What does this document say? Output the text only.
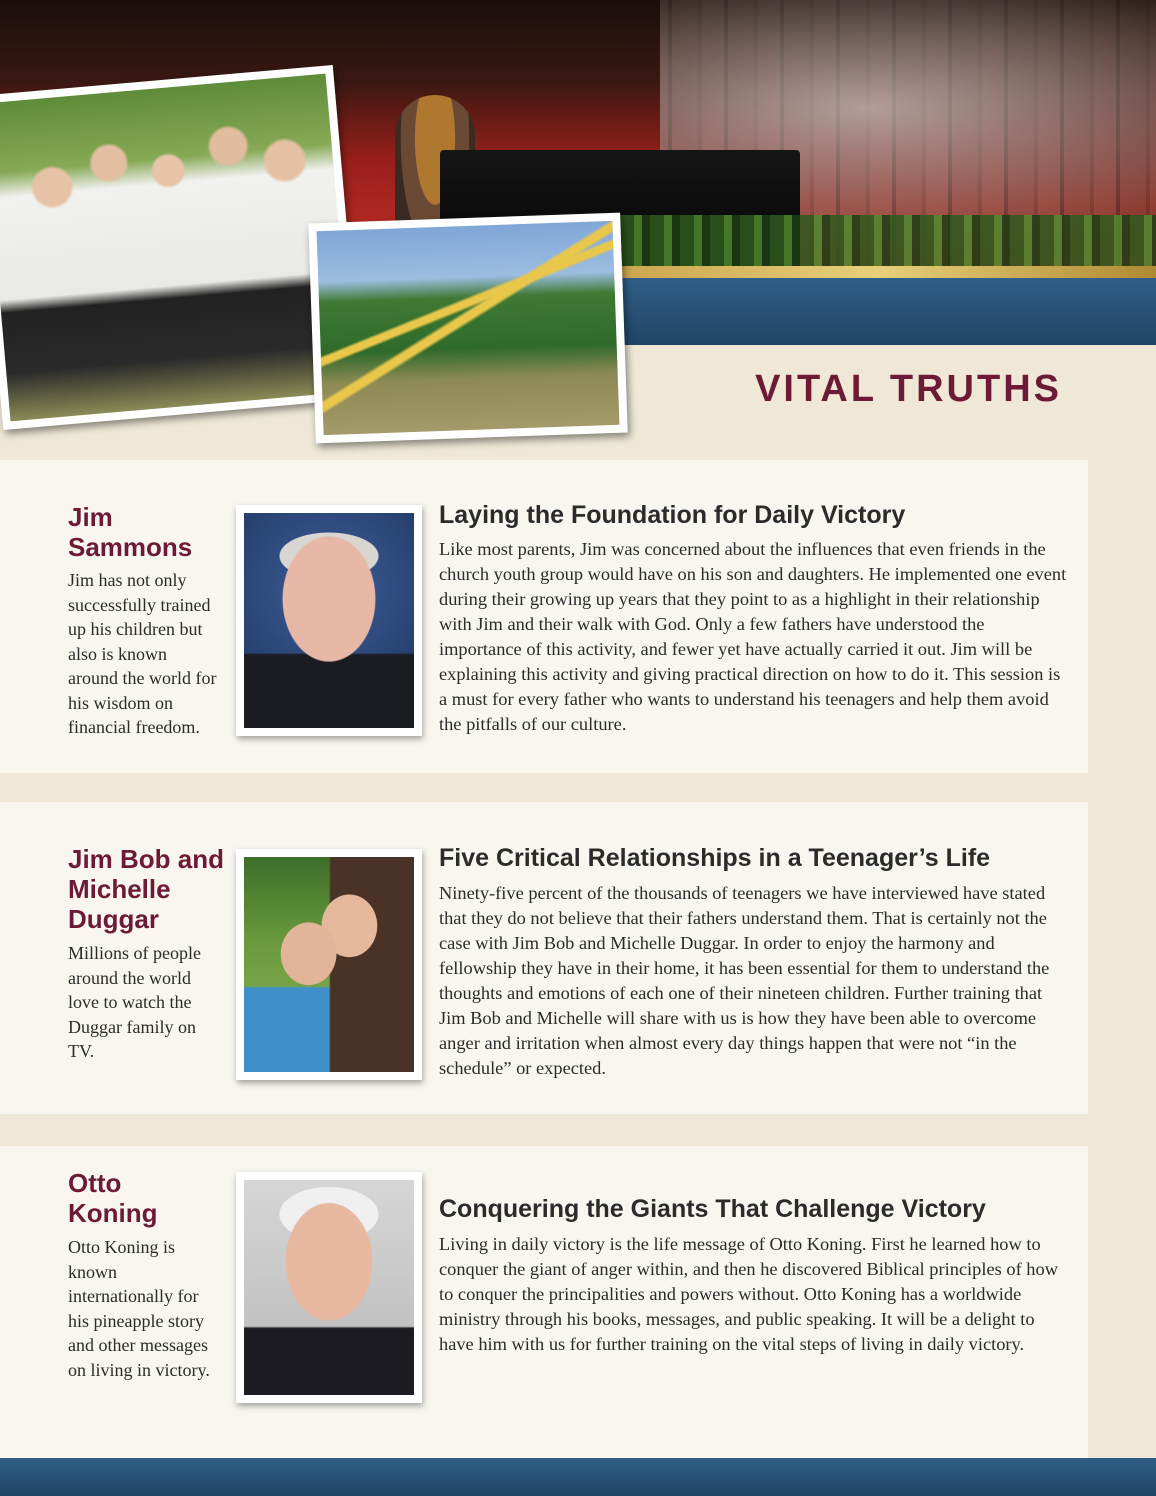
VITAL TRUTHS
Jim
Sammons
Jim has not only successfully trained up his children but also is known around the world for his wisdom on financial freedom.
Laying the Foundation for Daily Victory
Like most parents, Jim was concerned about the influences that even friends in the church youth group would have on his son and daughters. He implemented one event during their growing up years that they point to as a highlight in their relationship with Jim and their walk with God. Only a few fathers have understood the importance of this activity, and fewer yet have actually carried it out. Jim will be explaining this activity and giving practical direction on how to do it. This session is a must for every father who wants to understand his teenagers and help them avoid the pitfalls of our culture.
Jim Bob and
Michelle
Duggar
Millions of people around the world love to watch the Duggar family on TV.
Five Critical Relationships in a Teenager’s Life
Ninety-five percent of the thousands of teenagers we have interviewed have stated that they do not believe that their fathers understand them. That is certainly not the case with Jim Bob and Michelle Duggar. In order to enjoy the harmony and fellowship they have in their home, it has been essential for them to understand the thoughts and emotions of each one of their nineteen children. Further training that Jim Bob and Michelle will share with us is how they have been able to overcome anger and irritation when almost every day things happen that were not “in the schedule” or expected.
Otto
Koning
Otto Koning is known internationally for his pineapple story and other messages on living in victory.
Conquering the Giants That Challenge Victory
Living in daily victory is the life message of Otto Koning. First he learned how to conquer the giant of anger within, and then he discovered Biblical principles of how to conquer the principalities and powers without. Otto Koning has a worldwide ministry through his books, messages, and public speaking. It will be a delight to have him with us for further training on the vital steps of living in daily victory.
